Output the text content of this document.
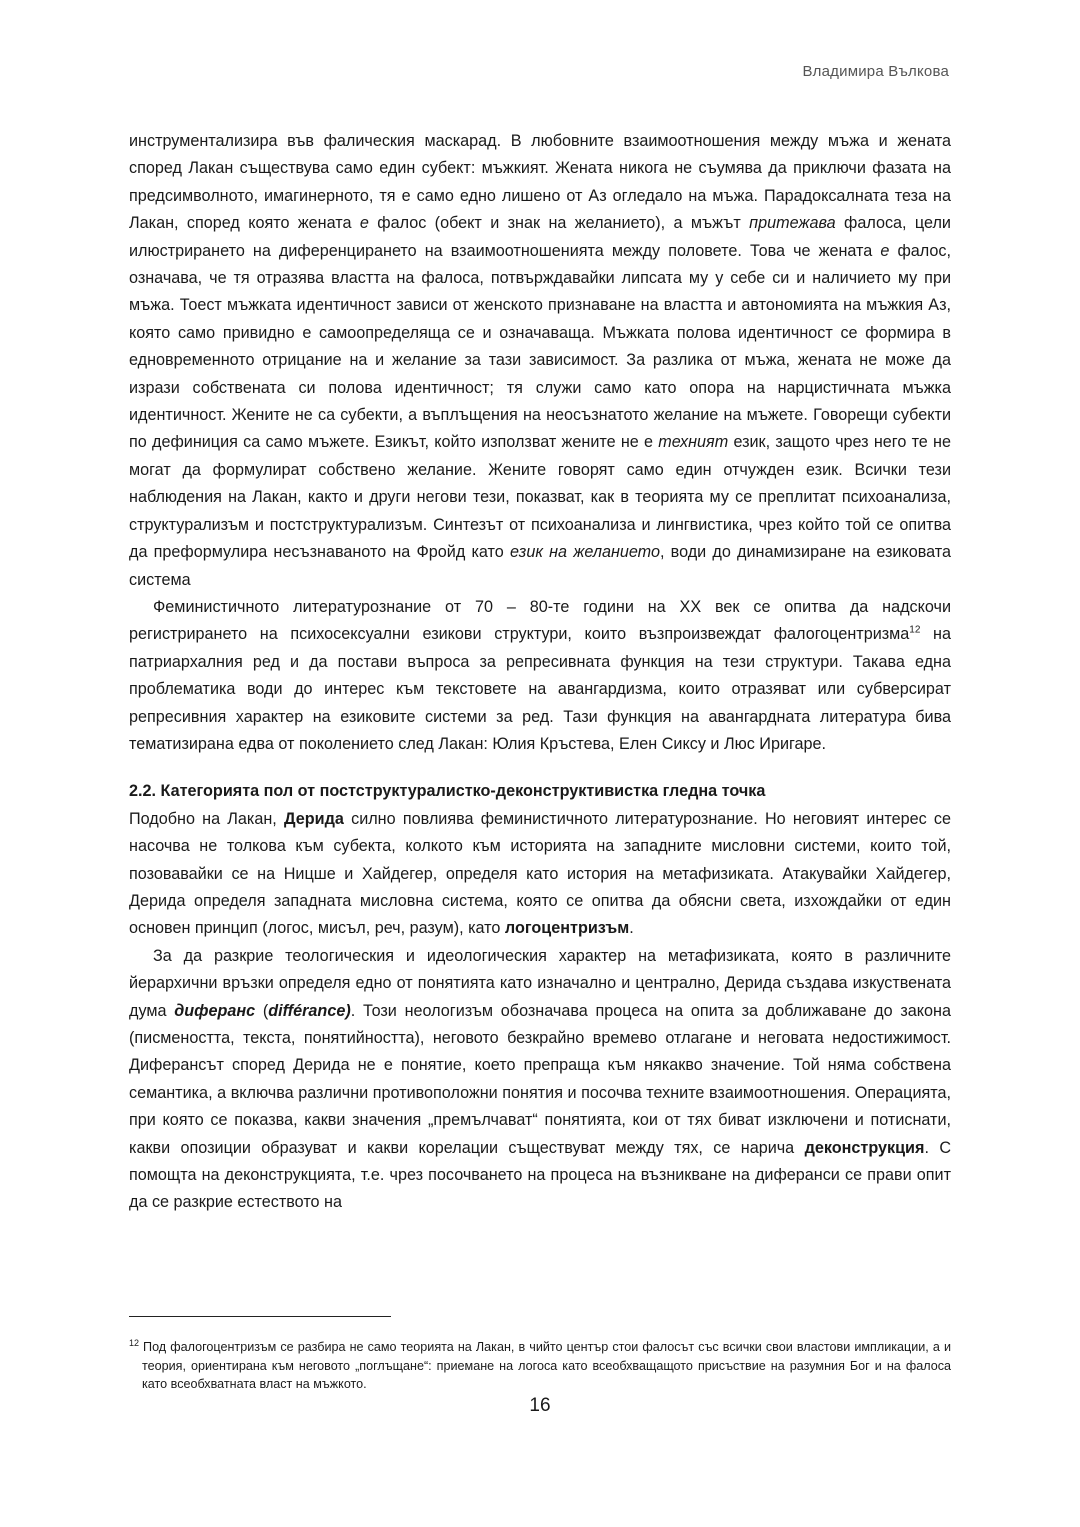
Владимира Вълкова

инструментализира във фалическия маскарад. В любовните взаимоотношения между мъжа и жената според Лакан съществува само един субект: мъжкият. Жената никога не съумява да приключи фазата на предсимволното, имагинерното, тя е само едно лишено от Аз огледало на мъжа. Парадоксалната теза на Лакан, според която жената е фалос (обект и знак на желанието), а мъжът притежава фалоса, цели илюстрирането на диференцирането на взаимоотношенията между половете. Това че жената е фалос, означава, че тя отразява властта на фалоса, потвърждавайки липсата му у себе си и наличието му при мъжа. Тоест мъжката идентичност зависи от женското признаване на властта и автономията на мъжкия Аз, която само привидно е самоопределяща се и означаваща. Мъжката полова идентичност се формира в едновременното отрицание на и желание за тази зависимост. За разлика от мъжа, жената не може да изрази собствената си полова идентичност; тя служи само като опора на нарцистичната мъжка идентичност. Жените не са субекти, а въплъщения на неосъзнатото желание на мъжете. Говорещи субекти по дефиниция са само мъжете. Езикът, който използват жените не е техният език, защото чрез него те не могат да формулират собствено желание. Жените говорят само един отчужден език. Всички тези наблюдения на Лакан, както и други негови тези, показват, как в теорията му се преплитат психоанализа, структурализъм и постструктурализъм. Синтезът от психоанализа и лингвистика, чрез който той се опитва да преформулира несъзнаваното на Фройд като език на желанието, води до динамизиране на езиковата система

Феминистичното литературознание от 70 – 80-те години на XX век се опитва да надскочи регистрирането на психосексуални езикови структури, които възпроизвеждат фалогоцентризма$^{12}$ на патриархалния ред и да постави въпроса за репресивната функция на тези структури. Такава една проблематика води до интерес към текстовете на авангардизма, които отразяват или субверсират репресивния характер на езиковите системи за ред. Тази функция на авангардната литература бива тематизирана едва от поколението след Лакан: Юлия Кръстева, Елен Сиксу и Люс Иригаре.

2.2. Категорията пол от постструктуралистко-деконструктивистка гледна точка

Подобно на Лакан, Дерида силно повлиява феминистичното литературознание. Но неговият интерес се насочва не толкова към субекта, колкото към историята на западните мисловни системи, които той, позовавайки се на Ницше и Хайдегер, определя като история на метафизиката. Атакувайки Хайдегер, Дерида определя западната мисловна система, която се опитва да обясни света, изхождайки от един основен принцип (логос, мисъл, реч, разум), като логоцентризъм.

За да разкрие теологическия и идеологическия характер на метафизиката, която в различните йерархични връзки определя едно от понятията като изначално и централно, Дерида създава изкуствената дума диферанс (différance). Този неологизъм обозначава процеса на опита за доближаване до закона (писмеността, текста, понятийността), неговото безкрайно времево отлагане и неговата недостижимост. Диферансът според Дерида не е понятие, което препраща към някакво значение. Той няма собствена семантика, а включва различни противоположни понятия и посочва техните взаимоотношения. Операцията, при която се показва, какви значения „премълчават“ понятията, кои от тях биват изключени и потиснати, какви опозиции образуват и какви корелации съществуват между тях, се нарича деконструкция. С помощта на деконструкцията, т.е. чрез посочването на процеса на възникване на диферанси се прави опит да се разкрие естеството на

$^{12}$ Под фалогоцентризъм се разбира не само теорията на Лакан, в чийто център стои фалосът със всички свои властови импликации, а и теория, ориентирана към неговото „поглъщане“: приемане на логоса като всеобхващащото присъствие на разумния Бог и на фалоса като всеобхватната власт на мъжкото.

16
